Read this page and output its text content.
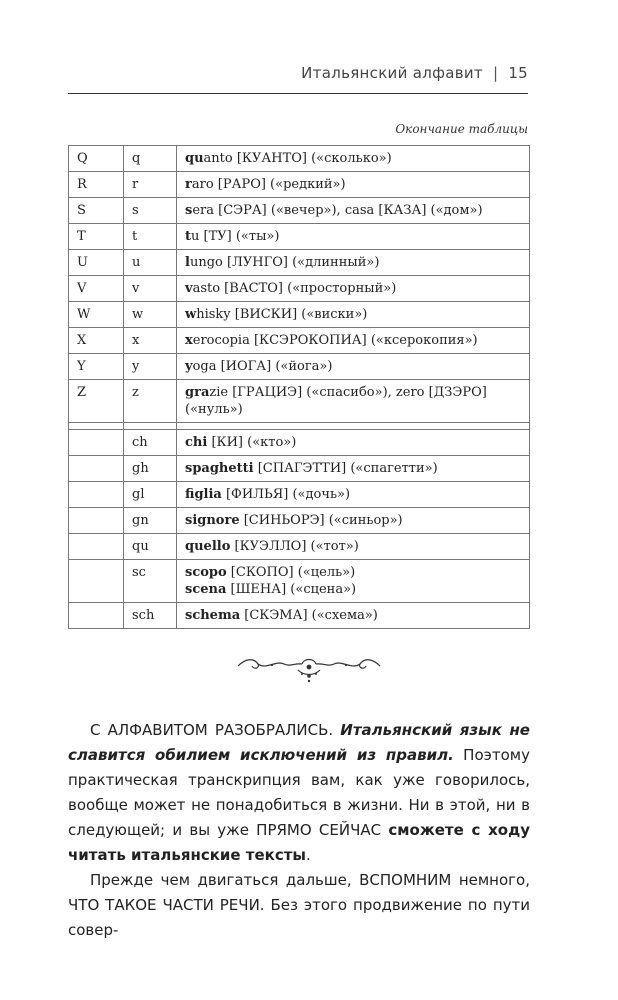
Итальянский алфавит | 15
Окончание таблицы
Q	q	quanto [КУАНТО] («сколько»)
R	r	raro [РАРО] («редкий»)
S	s	sera [СЭРА] («вечер»), casa [КАЗА] («дом»)
T	t	tu [ТУ] («ты»)
U	u	lungo [ЛУНГО] («длинный»)
V	v	vasto [ВАСТО] («просторный»)
W	w	whisky [ВИСКИ] («виски»)
X	x	xerocopia [КСЭРОКОПИА] («ксерокопия»)
Y	y	yoga [ИОГА] («йога»)
Z	z	grazie [ГРАЦИЭ] («спасибо»), zero [ДЗЭРО] («нуль»)

	ch	chi [КИ] («кто»)
	gh	spaghetti [СПАГЭТТИ] («спагетти»)
	gl	figlia [ФИЛЬЯ] («дочь»)
	gn	signore [СИНЬОРЭ] («синьор»)
	qu	quello [КУЭЛЛО] («тот»)
	sc	scopo [СКОПО] («цель»)
scena [ШЕНА] («сцена»)

	sch	schema [СКЭМА] («схема»)

С АЛФАВИТОМ РАЗОБРАЛИСЬ. Итальянский язык не славится обилием исключений из правил. Поэтому практическая транскрипция вам, как уже говорилось, вообще может не понадобиться в жизни. Ни в этой, ни в следующей; и вы уже ПРЯМО СЕЙЧАС сможете с ходу читать итальянские тексты.

Прежде чем двигаться дальше, ВСПОМНИМ немного, ЧТО ТАКОЕ ЧАСТИ РЕЧИ. Без этого продвижение по пути совер-
